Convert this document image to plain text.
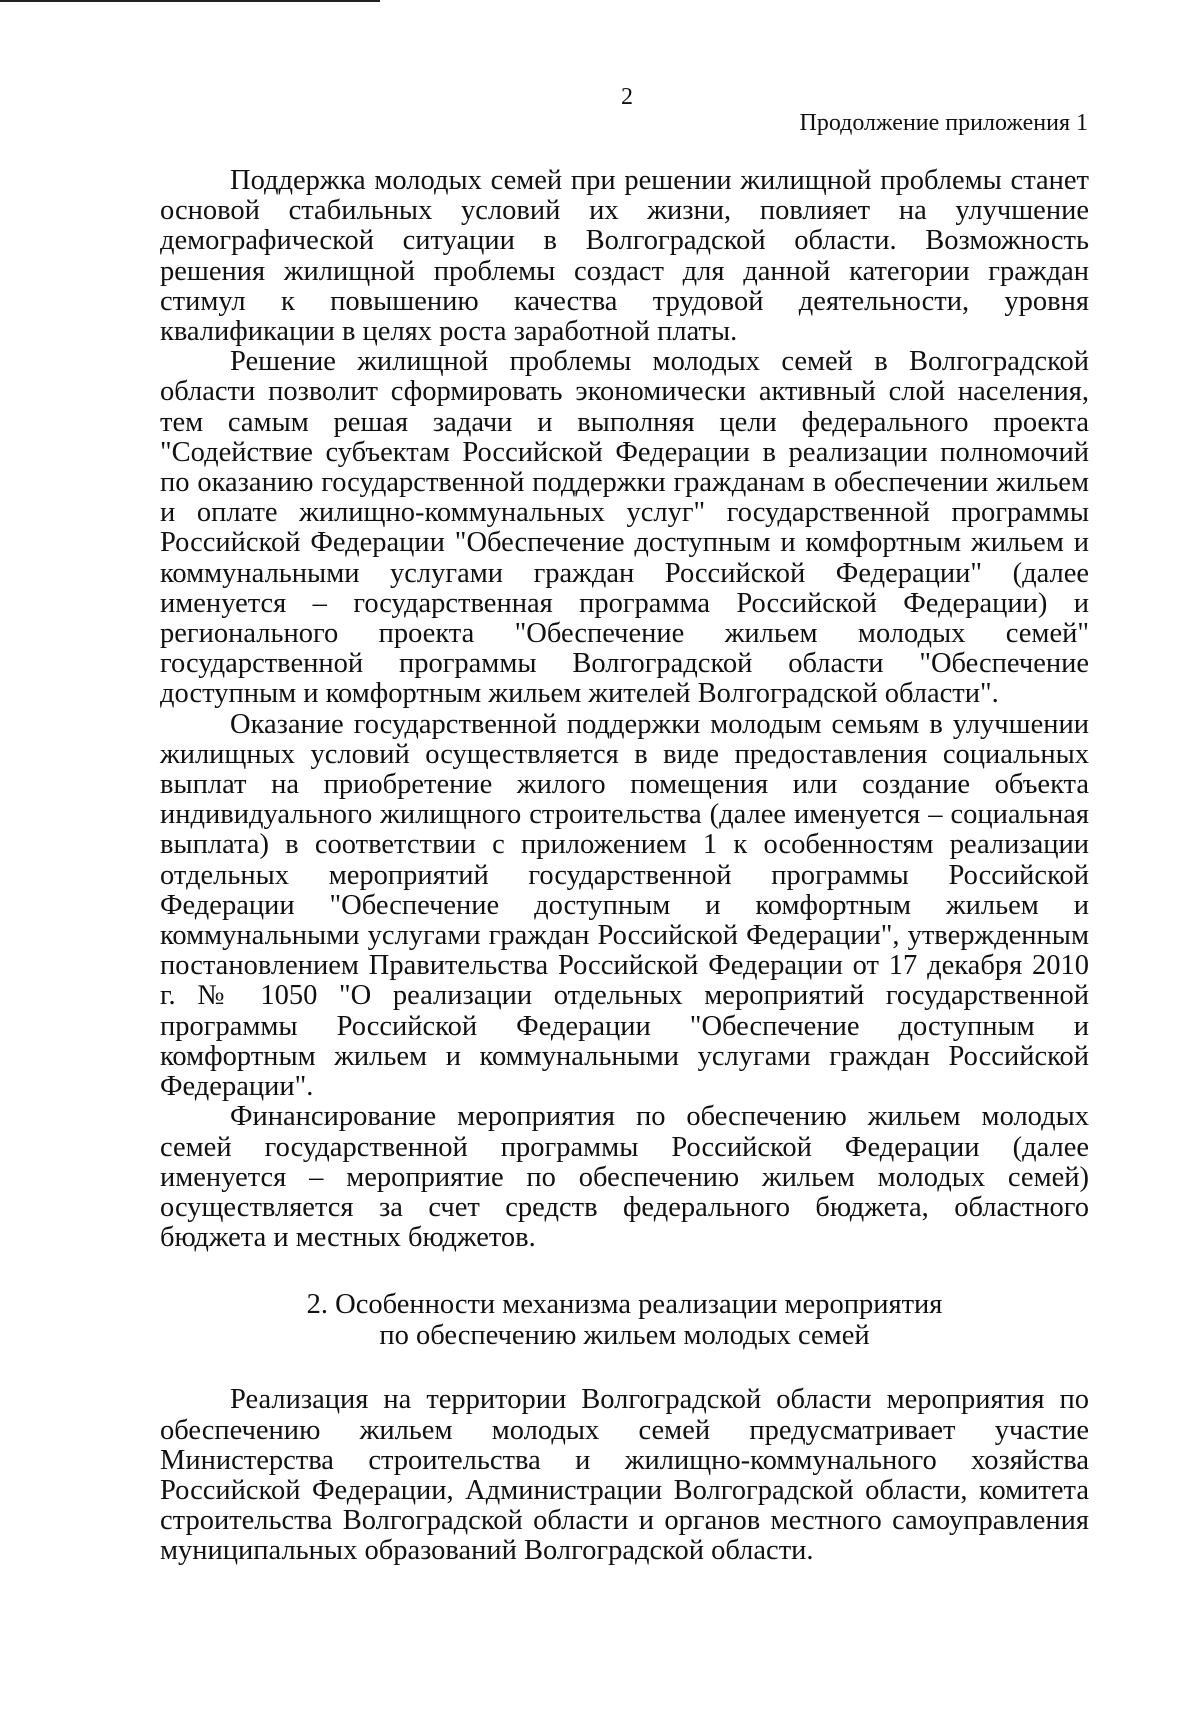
2
Продолжение приложения 1

Поддержка молодых семей при решении жилищной проблемы станет основой стабильных условий их жизни, повлияет на улучшение демографической ситуации в Волгоградской области. Возможность решения жилищной проблемы создаст для данной категории граждан стимул к повышению качества трудовой деятельности, уровня квалификации в целях роста заработной платы.

Решение жилищной проблемы молодых семей в Волгоградской области позволит сформировать экономически активный слой населения, тем самым решая задачи и выполняя цели федерального проекта "Содействие субъектам Российской Федерации в реализации полномочий по оказанию государственной поддержки гражданам в обеспечении жильем и оплате жилищно-коммунальных услуг" государственной программы Российской Федерации "Обеспечение доступным и комфортным жильем и коммунальными услугами граждан Российской Федерации" (далее именуется – государственная программа Российской Федерации) и регионального проекта "Обеспечение жильем молодых семей" государственной программы Волгоградской области "Обеспечение доступным и комфортным жильем жителей Волгоградской области".

Оказание государственной поддержки молодым семьям в улучшении жилищных условий осуществляется в виде предоставления социальных выплат на приобретение жилого помещения или создание объекта индивидуального жилищного строительства (далее именуется – социальная выплата) в соответствии с приложением 1 к особенностям реализации отдельных мероприятий государственной программы Российской Федерации "Обеспечение доступным и комфортным жильем и коммунальными услугами граждан Российской Федерации", утвержденным постановлением Правительства Российской Федерации от 17 декабря 2010 г. № 1050 "О реализации отдельных мероприятий государственной программы Российской Федерации "Обеспечение доступным и комфортным жильем и коммунальными услугами граждан Российской Федерации".

Финансирование мероприятия по обеспечению жильем молодых семей государственной программы Российской Федерации (далее именуется – мероприятие по обеспечению жильем молодых семей) осуществляется за счет средств федерального бюджета, областного бюджета и местных бюджетов.

2. Особенности механизма реализации мероприятия
по обеспечению жильем молодых семей

Реализация на территории Волгоградской области мероприятия по обеспечению жильем молодых семей предусматривает участие Министерства строительства и жилищно-коммунального хозяйства Российской Федерации, Администрации Волгоградской области, комитета строительства Волгоградской области и органов местного самоуправления муниципальных образований Волгоградской области.
